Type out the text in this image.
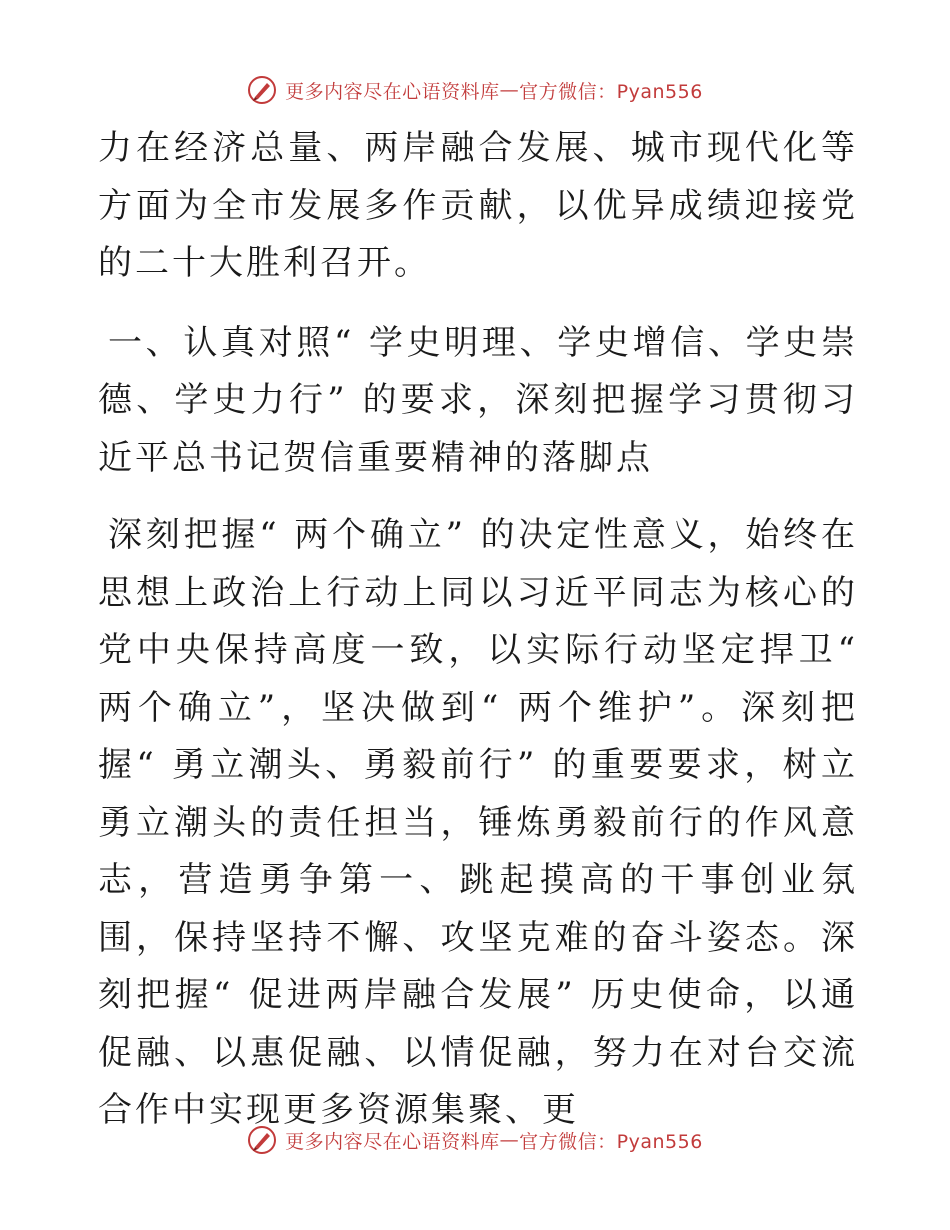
更多内容尽在心语资料库 — 官方微信：Pyan556

力在经济总量、两岸融合发展、城市现代化等方面为全市发展多作贡献，以优异成绩迎接党的二十大胜利召开。

一、认真对照“ 学史明理、学史增信、学史崇德、学史力行” 的要求，深刻把握学习贯彻习近平总书记贺信重要精神的落脚点

深刻把握“ 两个确立” 的决定性意义，始终在思想上政治上行动上同以习近平同志为核心的党中央保持高度一致，以实际行动坚定捍卫“ 两个确立”，坚决做到“ 两个维护”。深刻把握“ 勇立潮头、勇毅前行” 的重要要求，树立勇立潮头的责任担当，锤炼勇毅前行的作风意志，营造勇争第一、跳起摸高的干事创业氛围，保持坚持不懈、攻坚克难的奋斗姿态。深刻把握“ 促进两岸融合发展” 历史使命，以通促融、以惠促融、以情促融，努力在对台交流合作中实现更多资源集聚、更

更多内容尽在心语资料库 — 官方微信：Pyan556
